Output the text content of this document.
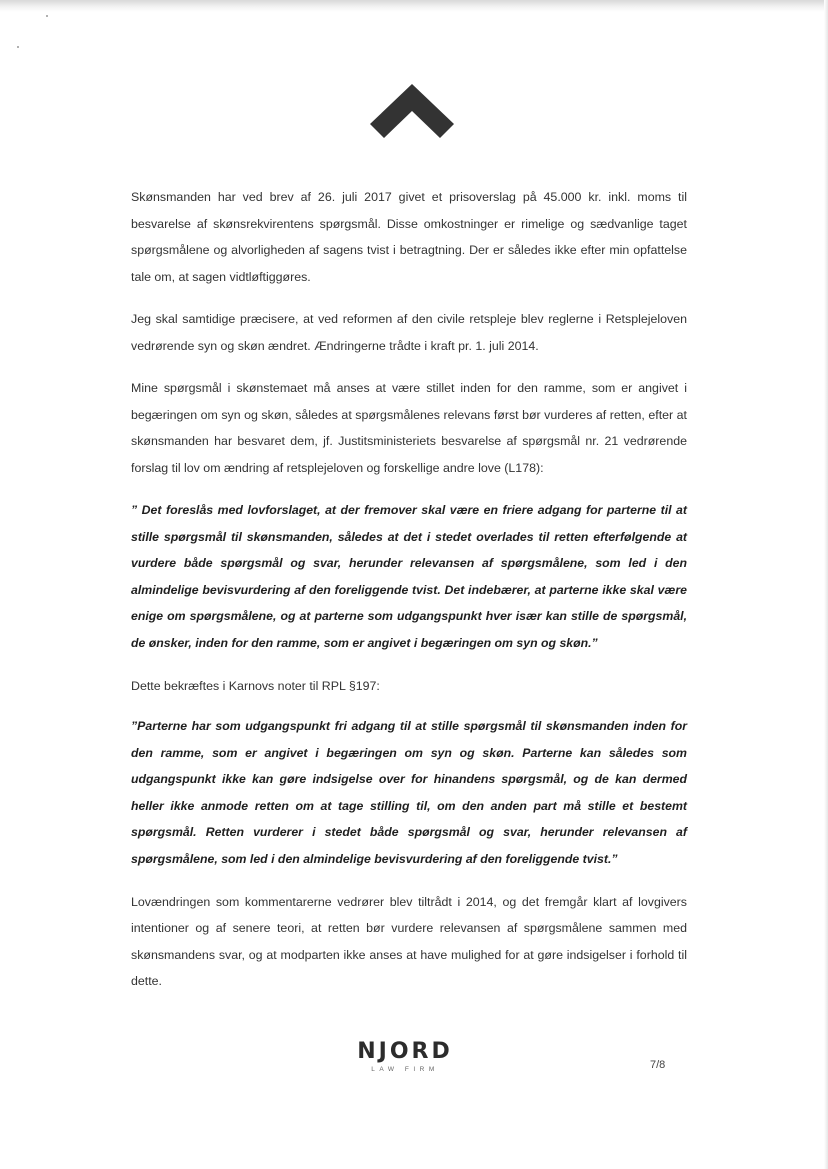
Skønsmanden har ved brev af 26. juli 2017 givet et prisoverslag på 45.000 kr. inkl. moms til besvarelse af skønsrekvirentens spørgsmål. Disse omkostninger er rimelige og sædvanlige taget spørgsmålene og alvorligheden af sagens tvist i betragtning. Der er således ikke efter min opfattelse tale om, at sagen vidtløftiggøres.

Jeg skal samtidige præcisere, at ved reformen af den civile retspleje blev reglerne i Retsplejeloven vedrørende syn og skøn ændret. Ændringerne trådte i kraft pr. 1. juli 2014.

Mine spørgsmål i skønstemaet må anses at være stillet inden for den ramme, som er angivet i begæringen om syn og skøn, således at spørgsmålenes relevans først bør vurderes af retten, efter at skønsmanden har besvaret dem, jf. Justitsministeriets besvarelse af spørgsmål nr. 21 vedrørende forslag til lov om ændring af retsplejeloven og forskellige andre love (L178):

” Det foreslås med lovforslaget, at der fremover skal være en friere adgang for parterne til at stille spørgsmål til skønsmanden, således at det i stedet overlades til retten efterfølgende at vurdere både spørgsmål og svar, herunder relevansen af spørgsmålene, som led i den almindelige bevisvurdering af den foreliggende tvist. Det indebærer, at parterne ikke skal være enige om spørgsmålene, og at parterne som udgangspunkt hver især kan stille de spørgsmål, de ønsker, inden for den ramme, som er angivet i begæringen om syn og skøn.”

Dette bekræftes i Karnovs noter til RPL §197:

”Parterne har som udgangspunkt fri adgang til at stille spørgsmål til skønsmanden inden for den ramme, som er angivet i begæringen om syn og skøn. Parterne kan således som udgangspunkt ikke kan gøre indsigelse over for hinandens spørgsmål, og de kan dermed heller ikke anmode retten om at tage stilling til, om den anden part må stille et bestemt spørgsmål. Retten vurderer i stedet både spørgsmål og svar, herunder relevansen af spørgsmålene, som led i den almindelige bevisvurdering af den foreliggende tvist.”

Lovændringen som kommentarerne vedrører blev tiltrådt i 2014, og det fremgår klart af lovgivers intentioner og af senere teori, at retten bør vurdere relevansen af spørgsmålene sammen med skønsmandens svar, og at modparten ikke anses at have mulighed for at gøre indsigelser i forhold til dette.

NJORD
LAW FIRM	7/8
